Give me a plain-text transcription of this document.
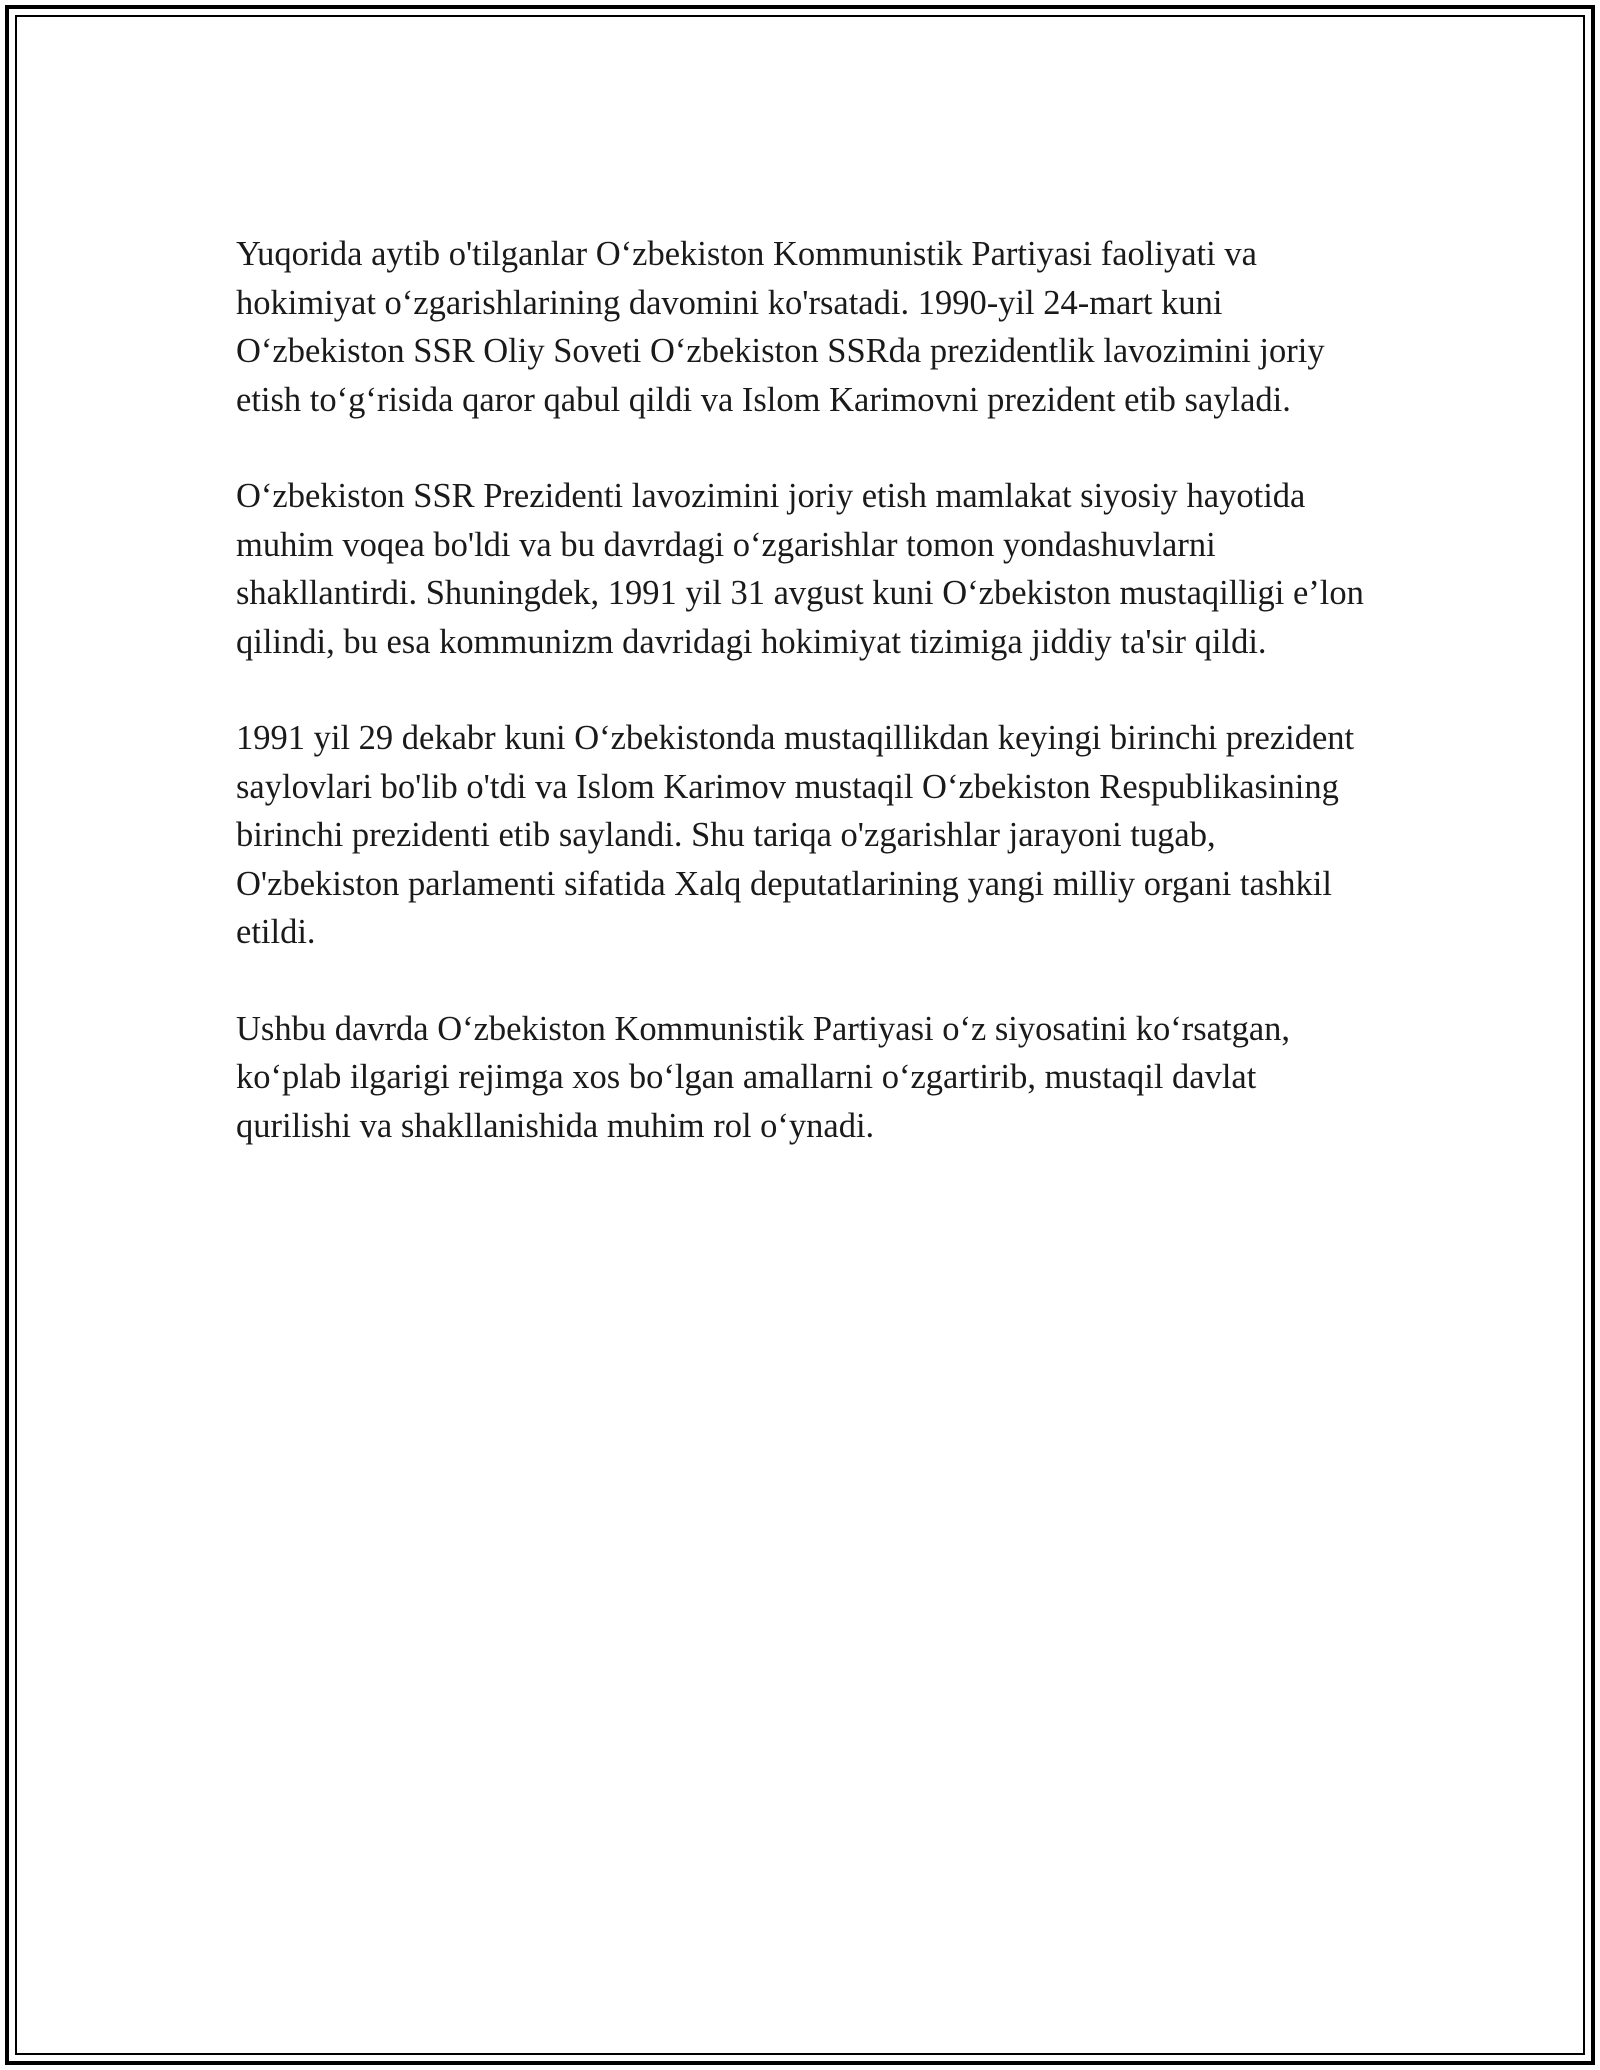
Yuqorida aytib o'tilganlar O‘zbekiston Kommunistik Partiyasi faoliyati va hokimiyat o‘zgarishlarining davomini ko'rsatadi. 1990-yil 24-mart kuni O‘zbekiston SSR Oliy Soveti O‘zbekiston SSRda prezidentlik lavozimini joriy etish to‘g‘risida qaror qabul qildi va Islom Karimovni prezident etib sayladi.

O‘zbekiston SSR Prezidenti lavozimini joriy etish mamlakat siyosiy hayotida muhim voqea bo'ldi va bu davrdagi o‘zgarishlar tomon yondashuvlarni shakllantirdi. Shuningdek, 1991 yil 31 avgust kuni O‘zbekiston mustaqilligi e’lon qilindi, bu esa kommunizm davridagi hokimiyat tizimiga jiddiy ta'sir qildi.

1991 yil 29 dekabr kuni O‘zbekistonda mustaqillikdan keyingi birinchi prezident saylovlari bo'lib o'tdi va Islom Karimov mustaqil O‘zbekiston Respublikasining birinchi prezidenti etib saylandi. Shu tariqa o'zgarishlar jarayoni tugab, O'zbekiston parlamenti sifatida Xalq deputatlarining yangi milliy organi tashkil etildi.

Ushbu davrda O‘zbekiston Kommunistik Partiyasi o‘z siyosatini ko‘rsatgan, ko‘plab ilgarigi rejimga xos bo‘lgan amallarni o‘zgartirib, mustaqil davlat qurilishi va shakllanishida muhim rol o‘ynadi.
